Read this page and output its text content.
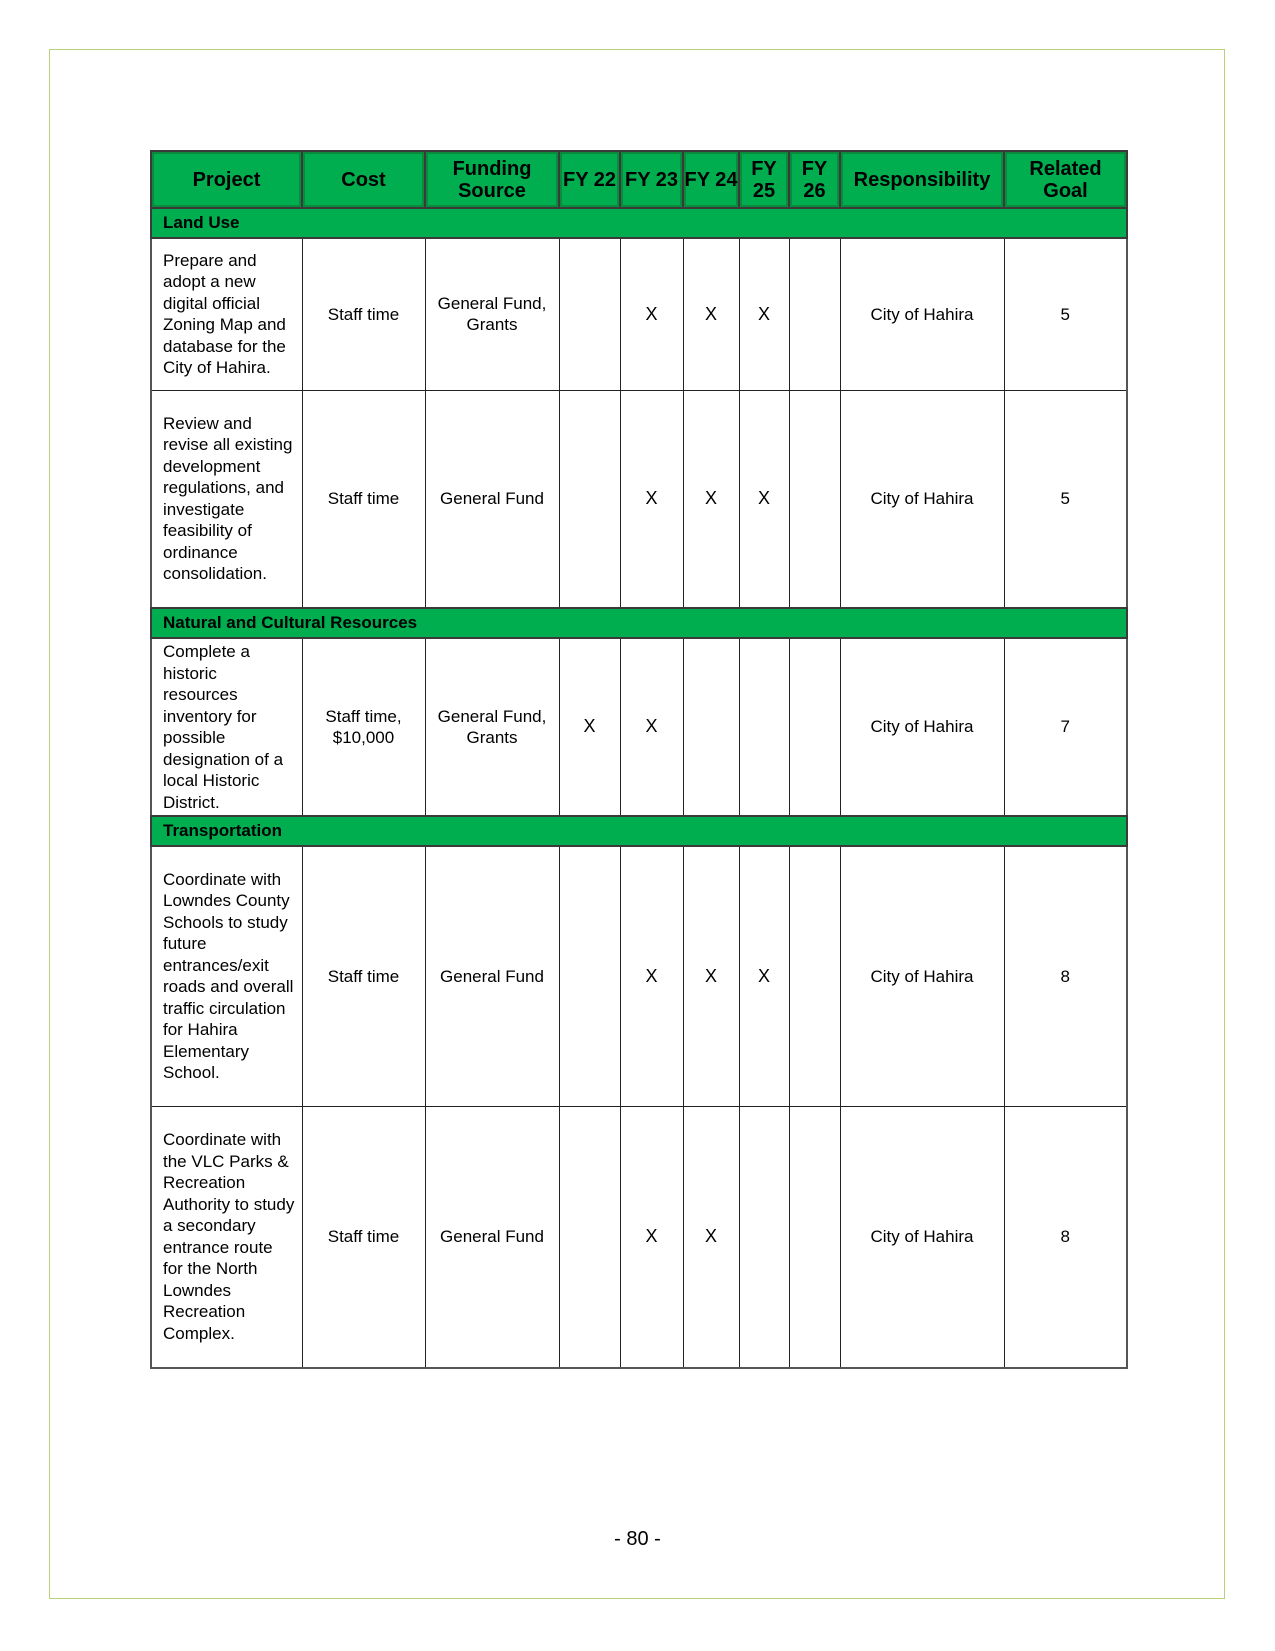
Project	Cost	Funding Source	FY 22	FY 23	FY 24	FY 25	FY 26	Responsibility	Related Goal
Land Use									
Prepare and adopt a new digital official Zoning Map and database for the City of Hahira.	Staff time	General Fund, Grants		X	X	X		City of Hahira	5
Review and revise all existing development regulations, and investigate feasibility of ordinance consolidation.	Staff time	General Fund		X	X	X		City of Hahira	5
Natural and Cultural Resources									
Complete a historic resources inventory for possible designation of a local Historic District.	Staff time, $10,000	General Fund, Grants	X	X				City of Hahira	7
Transportation									
Coordinate with Lowndes County Schools to study future entrances/exit roads and overall traffic circulation for Hahira Elementary School.	Staff time	General Fund		X	X	X		City of Hahira	8
Coordinate with the VLC Parks & Recreation Authority to study a secondary entrance route for the North Lowndes Recreation Complex.	Staff time	General Fund		X	X			City of Hahira	8
- 80 -
